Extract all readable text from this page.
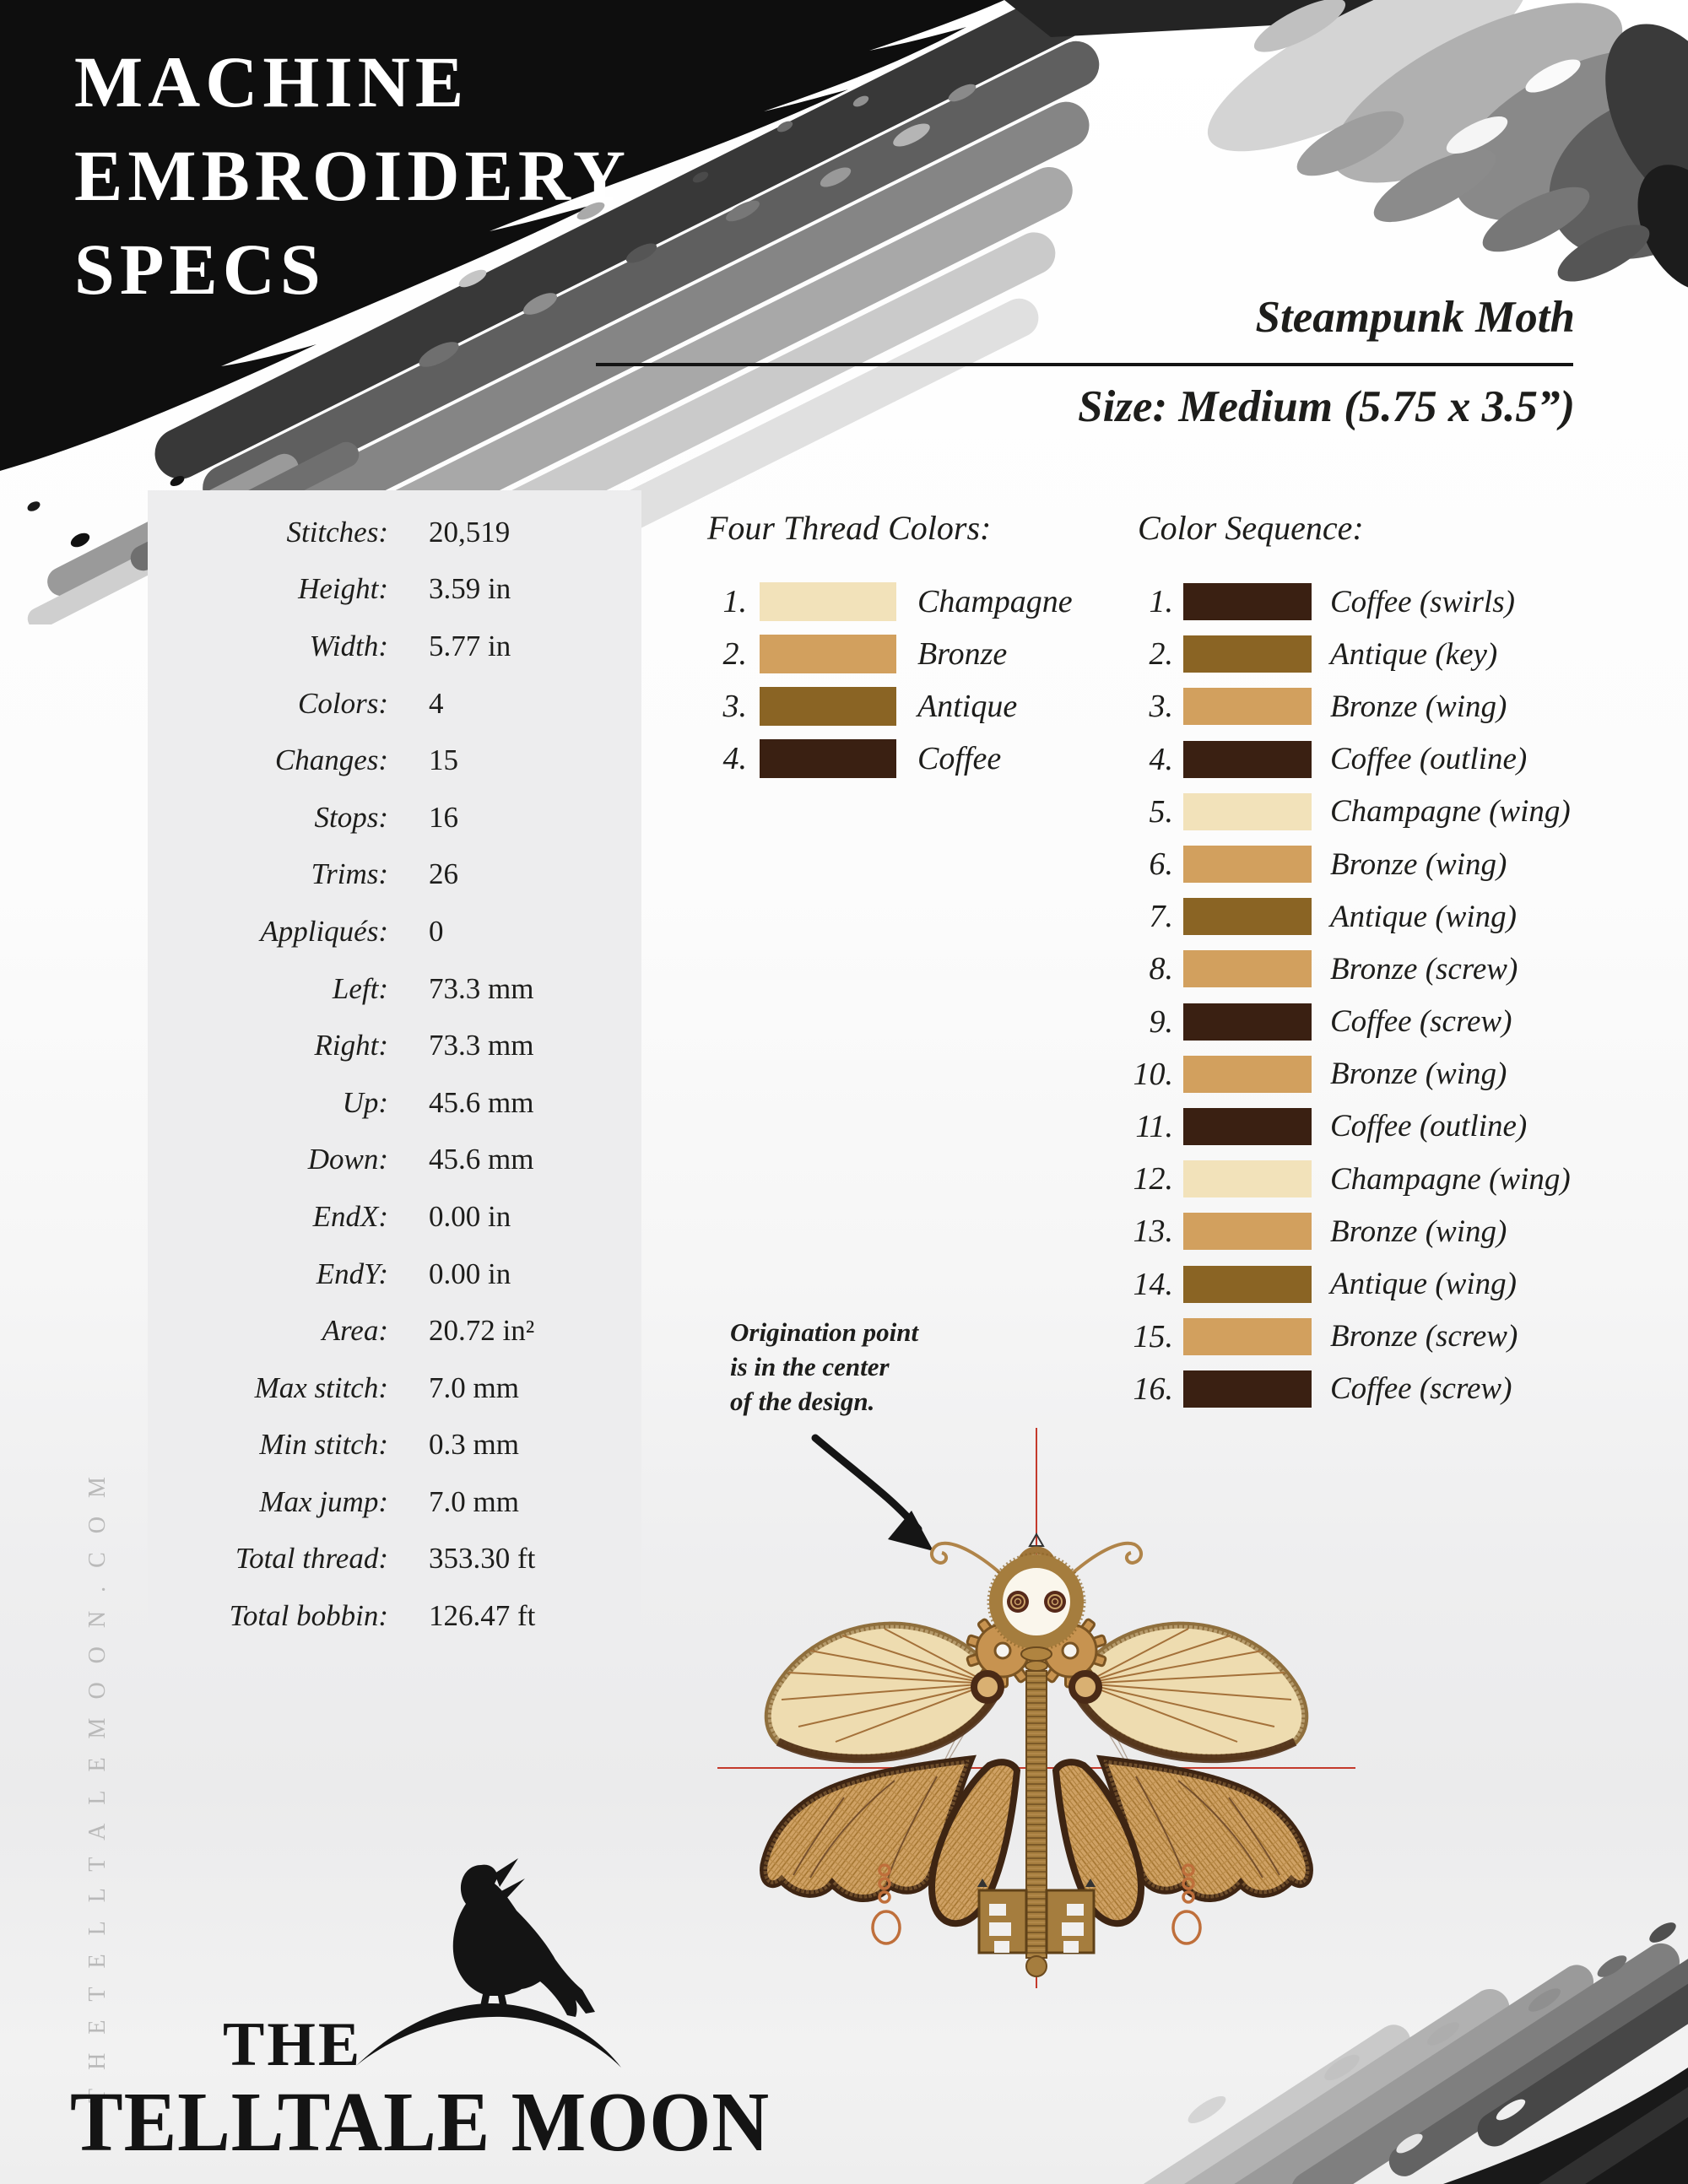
MACHINE
EMBROIDERY
SPECS
Steampunk Moth
Size: Medium (5.75 x 3.5”)
Stitches: 20,519
Height: 3.59 in
Width: 5.77 in
Colors: 4
Changes: 15
Stops: 16
Trims: 26
Appliqués: 0
Left: 73.3 mm
Right: 73.3 mm
Up: 45.6 mm
Down: 45.6 mm
EndX: 0.00 in
EndY: 0.00 in
Area: 20.72 in²
Max stitch: 7.0 mm
Min stitch: 0.3 mm
Max jump: 7.0 mm
Total thread: 353.30 ft
Total bobbin: 126.47 ft
Four Thread Colors:
1.	Champagne
2.	Bronze
3.	Antique
4.	Coffee
Color Sequence:
1.	Coffee (swirls)
2.	Antique (key)
3.	Bronze (wing)
4.	Coffee (outline)
5.	Champagne (wing)
6.	Bronze (wing)
7.	Antique (wing)
8.	Bronze (screw)
9.	Coffee (screw)
10.	Bronze (wing)
11.	Coffee (outline)
12.	Champagne (wing)
13.	Bronze (wing)
14.	Antique (wing)
15.	Bronze (screw)
16.	Coffee (screw)
Origination point
is in the center
of the design.
THETELLTALEMOON.COM THE
TELLTALE MOON
